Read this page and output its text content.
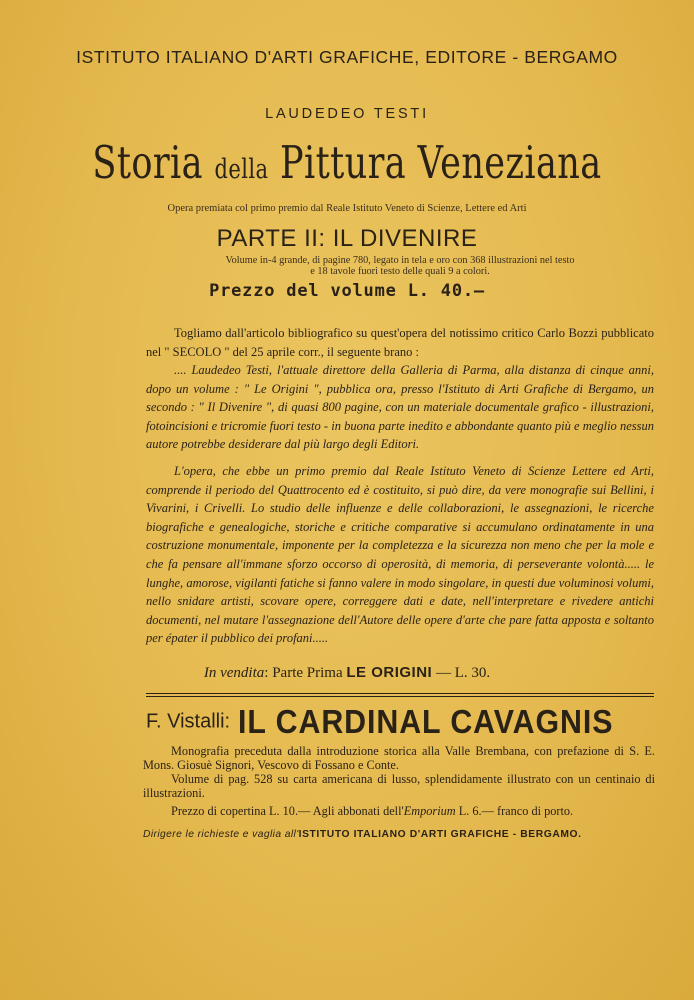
ISTITUTO ITALIANO D'ARTI GRAFICHE, EDITORE - BERGAMO
LAUDEDEO TESTI
Storia della Pittura Veneziana
Opera premiata col primo premio dal Reale Istituto Veneto di Scienze, Lettere ed Arti
PARTE II: IL DIVENIRE
Volume in-4 grande, di pagine 780, legato in tela e oro con 368 illustrazioni nel testo
e 18 tavole fuori testo delle quali 9 a colori.
Prezzo del volume L. 40.—
Togliamo dall'articolo bibliografico su quest'opera del notissimo critico Carlo Bozzi pubblicato nel " SECOLO " del 25 aprile corr., il seguente brano :
.... Laudedeo Testi, l'attuale direttore della Galleria di Parma, alla distanza di cinque anni, dopo un volume : " Le Origini ", pubblica ora, presso l'Istituto di Arti Grafiche di Bergamo, un secondo : " Il Divenire ", di quasi 800 pagine, con un materiale documentale grafico - illustrazioni, fotoincisioni e tricromie fuori testo - in buona parte inedito e abbondante quanto più e meglio nessun autore potrebbe desiderare dal più largo degli Editori.
L'opera, che ebbe un primo premio dal Reale Istituto Veneto di Scienze Lettere ed Arti, comprende il periodo del Quattrocento ed è costituito, si può dire, da vere monografie sui Bellini, i Vivarini, i Crivelli. Lo studio delle influenze e delle collaborazioni, le assegnazioni, le ricerche biografiche e genealogiche, storiche e critiche comparative si accumulano ordinatamente in una costruzione monumentale, imponente per la completezza e la sicurezza non meno che per la mole e che fa pensare all'immane sforzo occorso di operosità, di memoria, di perseverante volontà..... le lunghe, amorose, vigilanti fatiche si fanno valere in modo singolare, in questi due voluminosi volumi, nello snidare artisti, scovare opere, correggere dati e date, nell'interpretare e rivedere antichi documenti, nel mutare l'assegnazione dell'Autore delle opere d'arte che pare fatta apposta e soltanto per épater il pubblico dei profani.....
In vendita: Parte Prima LE ORIGINI — L. 30.
F. Vistalli: IL CARDINAL CAVAGNIS
Monografia preceduta dalla introduzione storica alla Valle Brembana, con prefazione di S. E. Mons. Giosuè Signori, Vescovo di Fossano e Conte.
Volume di pag. 528 su carta americana di lusso, splendidamente illustrato con un centinaio di illustrazioni.
Prezzo di copertina L. 10.— Agli abbonati dell'Emporium L. 6.— franco di porto.
Dirigere le richieste e vaglia all'ISTITUTO ITALIANO D'ARTI GRAFICHE - BERGAMO.
